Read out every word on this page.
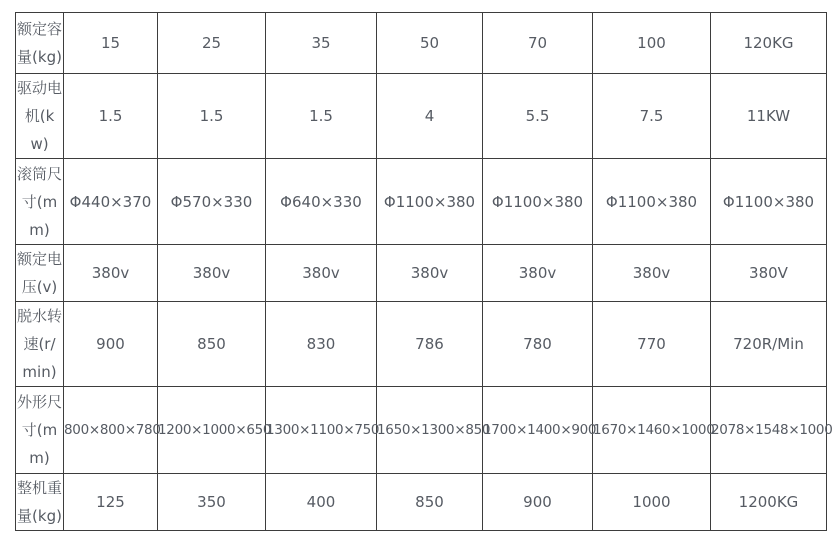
额定容量(kg)	15	25	35	50	70	100	120KG
驱动电机(kw)	1.5	1.5	1.5	4	5.5	7.5	11KW
滚筒尺寸(mm)	Φ440×370	Φ570×330	Φ640×330	Φ1100×380	Φ1100×380	Φ1100×380	Φ1100×380
额定电压(v)	380v	380v	380v	380v	380v	380v	380V
脱水转速(r/min)	900	850	830	786	780	770	720R/Min
外形尺寸(mm)	800×800×780	1200×1000×650	1300×1100×750	1650×1300×850	1700×1400×900	1670×1460×1000	2078×1548×1000
整机重量(kg)	125	350	400	850	900	1000	1200KG
